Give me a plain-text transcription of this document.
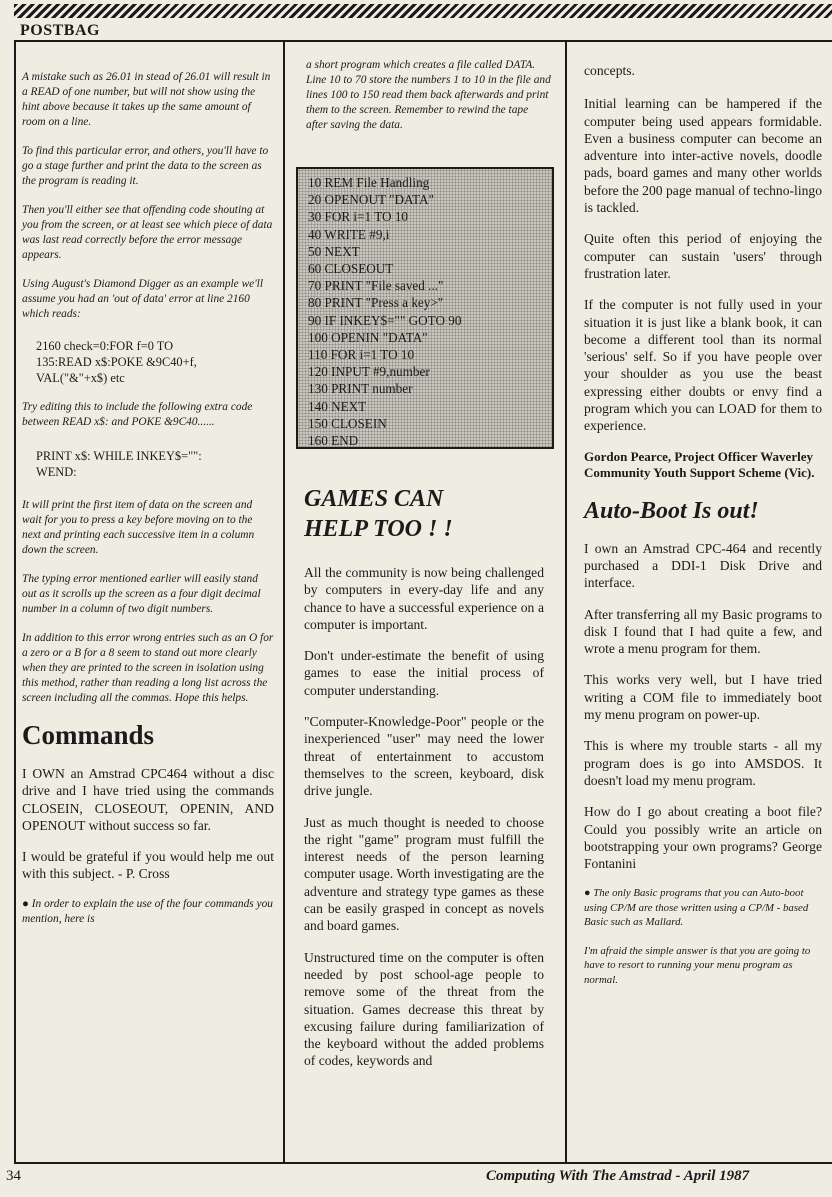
POSTBAG

A mistake such as 26.01 in stead of 26.01 will result in a READ of one number, but will not show using the hint above because it takes up the same amount of room on a line.

To find this particular error, and others, you'll have to go a stage further and print the data to the screen as the program is reading it.

Then you'll either see that offending code shouting at you from the screen, or at least see which piece of data was last read correctly before the error message appears.

Using August's Diamond Digger as an example we'll assume you had an 'out of data' error at line 2160 which reads:

2160 check=0:FOR f=0 TO
135:READ x$:POKE &9C40+f,
VAL("&"+x$) etc

Try editing this to include the following extra code between READ x$: and POKE &9C40......

PRINT x$: WHILE INKEY$="":
WEND:

It will print the first item of data on the screen and wait for you to press a key before moving on to the next and printing each successive item in a column down the screen.

The typing error mentioned earlier will easily stand out as it scrolls up the screen as a four digit decimal number in a column of two digit numbers.

In addition to this error wrong entries such as an O for a zero or a B for a 8 seem to stand out more clearly when they are printed to the screen in isolation using this method, rather than reading a long list across the screen including all the commas. Hope this helps.

Commands

I OWN an Amstrad CPC464 without a disc drive and I have tried using the commands CLOSEIN, CLOSEOUT, OPENIN, AND OPENOUT without success so far.

I would be grateful if you would help me out with this subject. - P. Cross

● In order to explain the use of the four commands you mention, here is

a short program which creates a file called DATA. Line 10 to 70 store the numbers 1 to 10 in the file and lines 100 to 150 read them back afterwards and print them to the screen. Remember to rewind the tape after saving the data.

10 REM File Handling
20 OPENOUT "DATA"
30 FOR i=1 TO 10
40 WRITE #9,i
50 NEXT
60 CLOSEOUT
70 PRINT "File saved ..."
80 PRINT "Press a key>"
90 IF INKEY$="" GOTO 90
100 OPENIN "DATA"
110 FOR i=1 TO 10
120 INPUT #9,number
130 PRINT number
140 NEXT
150 CLOSEIN
160 END
GAMES CAN
HELP TOO ! !

All the community is now being challenged by computers in every-day life and any chance to have a successful experience on a computer is important.

Don't under-estimate the benefit of using games to ease the initial process of computer understanding.

"Computer-Knowledge-Poor" people or the inexperienced "user" may need the lower threat of entertainment to accustom themselves to the screen, keyboard, disk drive jungle.

Just as much thought is needed to choose the right "game" program must fulfill the interest needs of the person learning computer usage. Worth investigating are the adventure and strategy type games as these can be easily grasped in concept as novels and board games.

Unstructured time on the computer is often needed by post school-age people to remove some of the threat from the situation. Games decrease this threat by excusing failure during familiarization of the keyboard without the added problems of codes, keywords and

concepts.

Initial learning can be hampered if the computer being used appears formidable. Even a business computer can become an adventure into inter-active novels, doodle pads, board games and many other worlds before the 200 page manual of techno-lingo is tackled.

Quite often this period of enjoying the computer can sustain 'users' through frustration later.

If the computer is not fully used in your situation it is just like a blank book, it can become a different tool than its normal 'serious' self. So if you have people over your shoulder as you use the beast expressing either doubts or envy find a program which you can LOAD for them to experience.

Gordon Pearce, Project Officer Waverley Community Youth Support Scheme (Vic).

Auto-Boot Is out!

I own an Amstrad CPC-464 and recently purchased a DDI-1 Disk Drive and interface.

After transferring all my Basic programs to disk I found that I had quite a few, and wrote a menu program for them.

This works very well, but I have tried writing a COM file to immediately boot my menu program on power-up.

This is where my trouble starts - all my program does is go into AMSDOS. It doesn't load my menu program.

How do I go about creating a boot file? Could you possibly write an article on bootstrapping your own programs? George Fontanini

● The only Basic programs that you can Auto-boot using CP/M are those written using a CP/M - based Basic such as Mallard.

I'm afraid the simple answer is that you are going to have to resort to running your menu program as normal.

34	Computing With The Amstrad - April 1987
